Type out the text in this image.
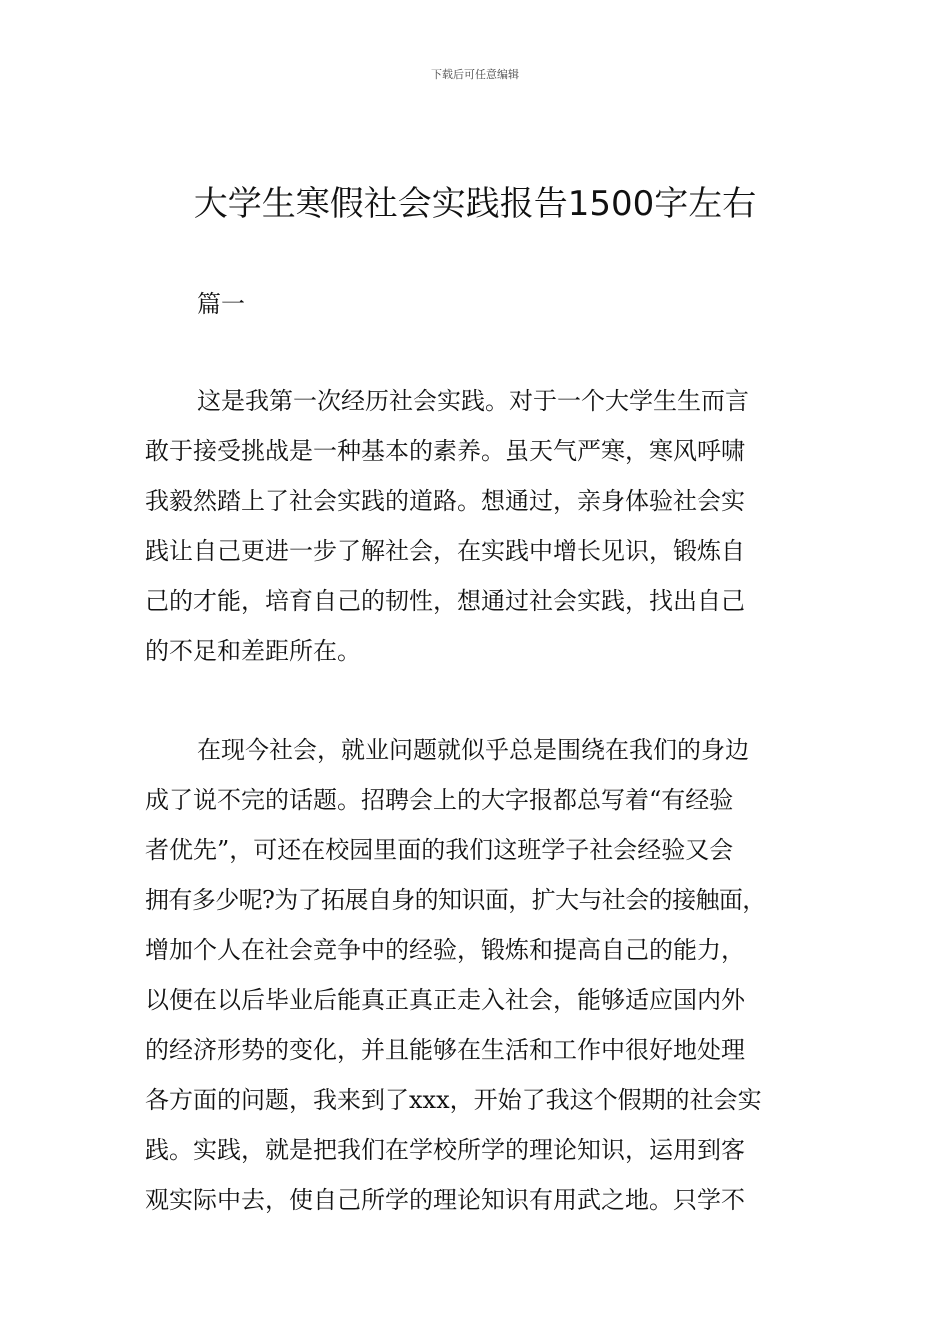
下载后可任意编辑
大学生寒假社会实践报告1500字左右

篇一

这是我第一次经历社会实践。对于一个大学生生而言

敢于接受挑战是一种基本的素养。虽天气严寒，寒风呼啸

我毅然踏上了社会实践的道路。想通过，亲身体验社会实

践让自己更进一步了解社会，在实践中增长见识，锻炼自

己的才能，培育自己的韧性，想通过社会实践，找出自己

的不足和差距所在。

在现今社会，就业问题就似乎总是围绕在我们的身边

成了说不完的话题。招聘会上的大字报都总写着“有经验

者优先”，可还在校园里面的我们这班学子社会经验又会

拥有多少呢?为了拓展自身的知识面，扩大与社会的接触面，

增加个人在社会竞争中的经验，锻炼和提高自己的能力，

以便在以后毕业后能真正真正走入社会，能够适应国内外

的经济形势的变化，并且能够在生活和工作中很好地处理

各方面的问题，我来到了xxx，开始了我这个假期的社会实

践。实践，就是把我们在学校所学的理论知识，运用到客

观实际中去，使自己所学的理论知识有用武之地。只学不
